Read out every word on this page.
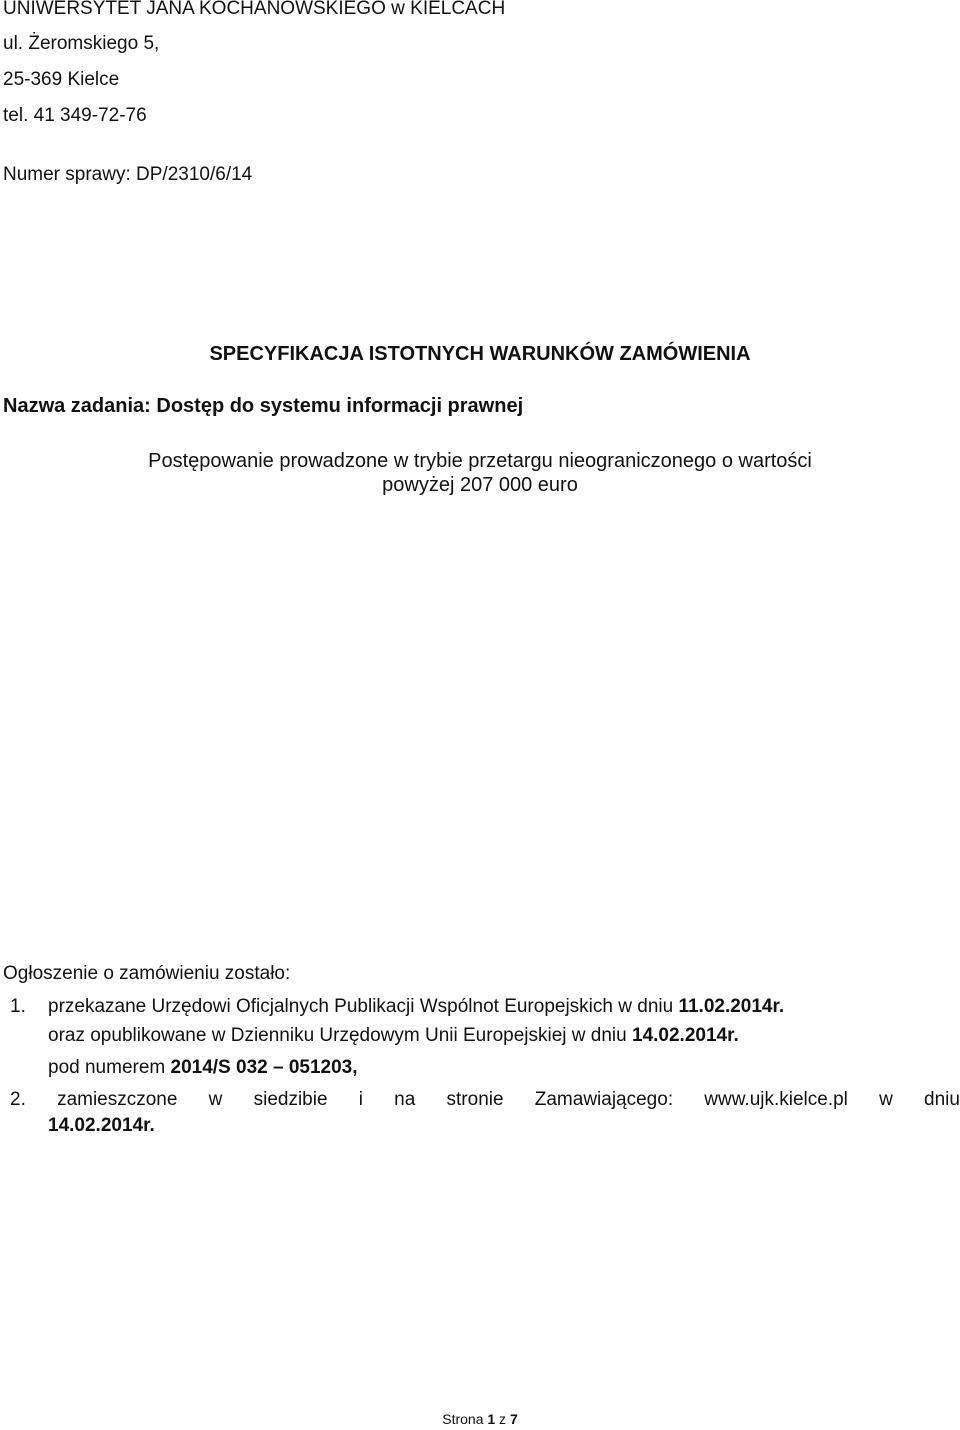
UNIWERSYTET JANA KOCHANOWSKIEGO w KIELCACH
ul. Żeromskiego 5,
25-369 Kielce
tel. 41 349-72-76
Numer sprawy: DP/2310/6/14
SPECYFIKACJA ISTOTNYCH WARUNKÓW ZAMÓWIENIA
Nazwa zadania: Dostęp do systemu informacji prawnej
Postępowanie prowadzone w trybie przetargu nieograniczonego o wartości
powyżej 207 000 euro
Ogłoszenie o zamówieniu zostało:
1. przekazane Urzędowi Oficjalnych Publikacji Wspólnot Europejskich w dniu 11.02.2014r.
oraz opublikowane w Dzienniku Urzędowym Unii Europejskiej w dniu 14.02.2014r.
pod numerem 2014/S 032 – 051203,
2. zamieszczone w siedzibie i na stronie Zamawiającego: www.ujk.kielce.pl w dniu
14.02.2014r.
Strona 1 z 7
